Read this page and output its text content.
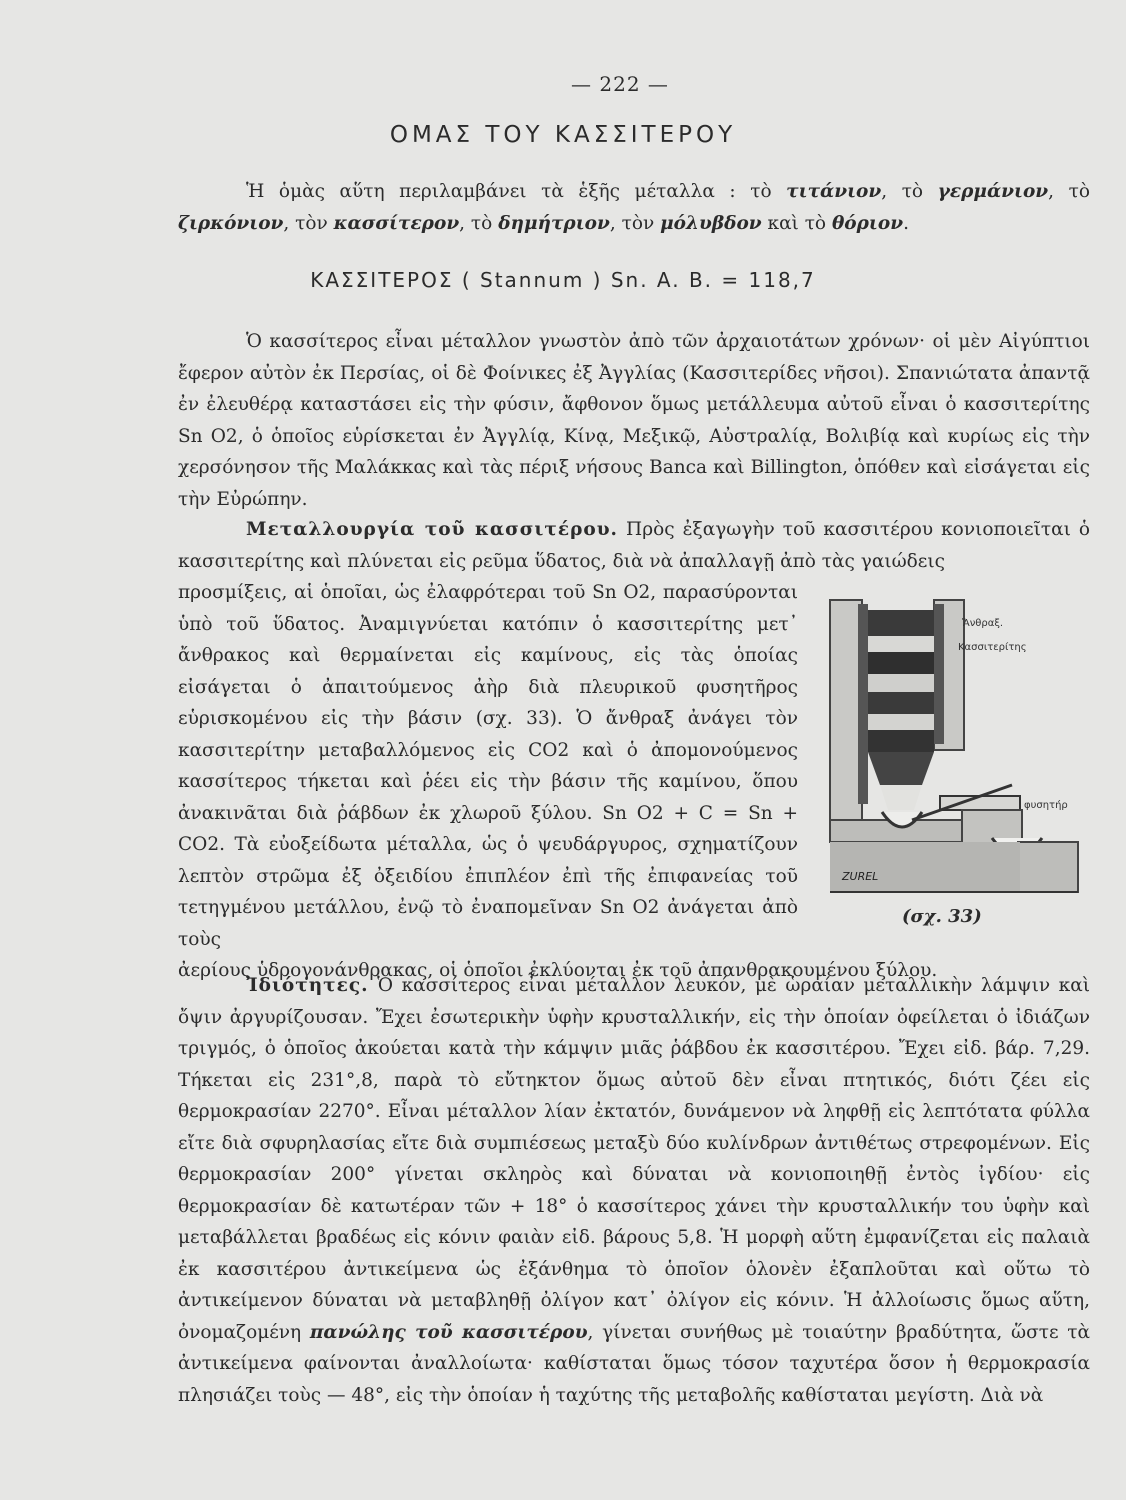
— 222 —
ΟΜΑΣ ΤΟΥ ΚΑΣΣΙΤΕΡΟΥ
Ἡ ὁμὰς αὕτη περιλαμβάνει τὰ ἑξῆς μέταλλα : τὸ τιτάνιον, τὸ γερμάνιον, τὸ ζιρκόνιον, τὸν κασσίτερον, τὸ δημήτριον, τὸν μόλυβδον καὶ τὸ θόριον.
ΚΑΣΣΙΤΕΡΟΣ ( Stannum ) Sn. A. B. = 118,7
Ὁ κασσίτερος εἶναι μέταλλον γνωστὸν ἀπὸ τῶν ἀρχαιοτάτων χρόνων· οἱ μὲν Αἰγύπτιοι ἔφερον αὐτὸν ἐκ Περσίας, οἱ δὲ Φοίνικες ἐξ Ἀγγλίας (Κασσιτερίδες νῆσοι). Σπανιώτατα ἀπαντᾷ ἐν ἐλευθέρᾳ καταστάσει εἰς τὴν φύσιν, ἄφθονον ὅμως μετάλλευμα αὐτοῦ εἶναι ὁ κασσιτερίτης Sn O2, ὁ ὁποῖος εὑρίσκεται ἐν Ἀγγλίᾳ, Κίνᾳ, Μεξικῷ, Αὐστραλίᾳ, Βολιβίᾳ καὶ κυρίως εἰς τὴν χερσόνησον τῆς Μαλάκκας καὶ τὰς πέριξ νήσους Banca καὶ Billington, ὁπόθεν καὶ εἰσάγεται εἰς τὴν Εὐρώπην.
Μεταλλουργία τοῦ κασσιτέρου. Πρὸς ἐξαγωγὴν τοῦ κασσιτέρου κονιοποιεῖται ὁ κασσιτερίτης καὶ πλύνεται εἰς ρεῦμα ὕδατος, διὰ νὰ ἀπαλλαγῇ ἀπὸ τὰς γαιώδεις
προσμίξεις, αἱ ὁποῖαι, ὡς ἐλαφρότεραι τοῦ Sn O2, παρασύρονται ὑπὸ τοῦ ὕδατος. Ἀναμιγνύεται κατόπιν ὁ κασσιτερίτης μετ᾽ ἄνθρακος καὶ θερμαίνεται εἰς καμίνους, εἰς τὰς ὁποίας εἰσάγεται ὁ ἀπαιτούμενος ἀὴρ διὰ πλευρικοῦ φυσητῆρος εὑρισκομένου εἰς τὴν βάσιν (σχ. 33). Ὁ ἄνθραξ ἀνάγει τὸν κασσιτερίτην μεταβαλλόμενος εἰς CO2 καὶ ὁ ἀπομονούμενος κασσίτερος τήκεται καὶ ῥέει εἰς τὴν βάσιν τῆς καμίνου, ὅπου ἀνακινᾶται διὰ ῥάβδων ἐκ χλωροῦ ξύλου. Sn O2 + C = Sn + CO2. Τὰ εὐοξείδωτα μέταλλα, ὡς ὁ ψευδάργυρος, σχηματίζουν λεπτὸν στρῶμα ἐξ ὀξειδίου ἐπιπλέον ἐπὶ τῆς ἐπιφανείας τοῦ τετηγμένου μετάλλου, ἐνῷ τὸ ἐναπομεῖναν Sn O2 ἀνάγεται ἀπὸ τοὺς
ἀερίους ὑδρογονάνθρακας, οἱ ὁποῖοι ἐκλύονται ἐκ τοῦ ἀπανθρακουμένου ξύλου.
ZUREL
Ἄνθραξ.
Κασσιτερίτης
φυσητήρ
(σχ. 33)
Ἰδιότητες. Ὁ κασσίτερος εἶναι μέταλλον λευκόν, μὲ ὡραίαν μεταλλικὴν λάμψιν καὶ ὄψιν ἀργυρίζουσαν. Ἔχει ἐσωτερικὴν ὑφὴν κρυσταλλικήν, εἰς τὴν ὁποίαν ὀφείλεται ὁ ἰδιάζων τριγμός, ὁ ὁποῖος ἀκούεται κατὰ τὴν κάμψιν μιᾶς ῥάβδου ἐκ κασσιτέρου. Ἔχει εἰδ. βάρ. 7,29. Τήκεται εἰς 231°,8, παρὰ τὸ εὔτηκτον ὅμως αὐτοῦ δὲν εἶναι πτητικός, διότι ζέει εἰς θερμοκρασίαν 2270°. Εἶναι μέταλλον λίαν ἐκτατόν, δυνάμενον νὰ ληφθῇ εἰς λεπτότατα φύλλα εἴτε διὰ σφυρηλασίας εἴτε διὰ συμπιέσεως μεταξὺ δύο κυλίνδρων ἀντιθέτως στρεφομένων. Εἰς θερμοκρασίαν 200° γίνεται σκληρὸς καὶ δύναται νὰ κονιοποιηθῇ ἐντὸς ἰγδίου· εἰς θερμοκρασίαν δὲ κατωτέραν τῶν + 18° ὁ κασσίτερος χάνει τὴν κρυσταλλικήν του ὑφὴν καὶ μεταβάλλεται βραδέως εἰς κόνιν φαιὰν εἰδ. βάρους 5,8. Ἡ μορφὴ αὕτη ἐμφανίζεται εἰς παλαιὰ ἐκ κασσιτέρου ἀντικείμενα ὡς ἐξάνθημα τὸ ὁποῖον ὁλονὲν ἐξαπλοῦται καὶ οὕτω τὸ ἀντικείμενον δύναται νὰ μεταβληθῇ ὀλίγον κατ᾽ ὀλίγον εἰς κόνιν. Ἡ ἀλλοίωσις ὅμως αὕτη, ὀνομαζομένη πανώλης τοῦ κασσιτέρου, γίνεται συνήθως μὲ τοιαύτην βραδύτητα, ὥστε τὰ ἀντικείμενα φαίνονται ἀναλλοίωτα· καθίσταται ὅμως τόσον ταχυτέρα ὅσον ἡ θερμοκρασία πλησιάζει τοὺς — 48°, εἰς τὴν ὁποίαν ἡ ταχύτης τῆς μεταβολῆς καθίσταται μεγίστη. Διὰ νὰ
